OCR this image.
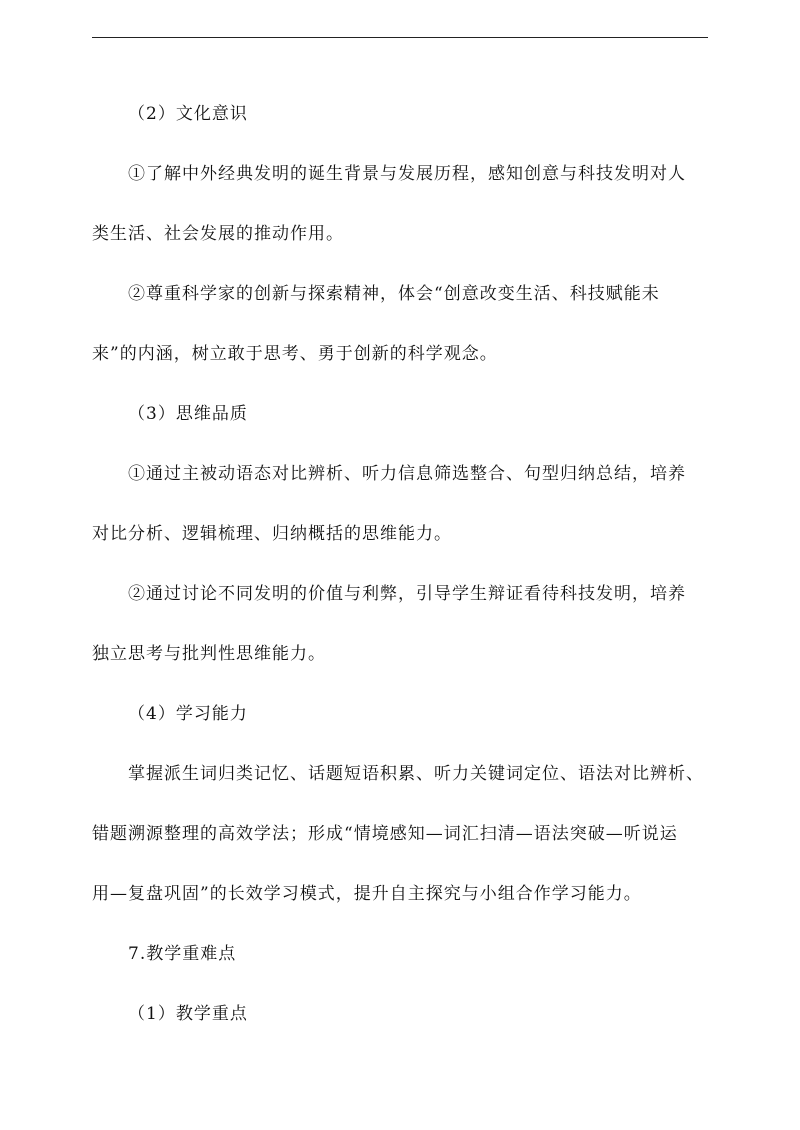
（2）文化意识
①了解中外经典发明的诞生背景与发展历程，感知创意与科技发明对人
类生活、社会发展的推动作用。
②尊重科学家的创新与探索精神，体会“创意改变生活、科技赋能未
来”的内涵，树立敢于思考、勇于创新的科学观念。
（3）思维品质
①通过主被动语态对比辨析、听力信息筛选整合、句型归纳总结，培养
对比分析、逻辑梳理、归纳概括的思维能力。
②通过讨论不同发明的价值与利弊，引导学生辩证看待科技发明，培养
独立思考与批判性思维能力。
（4）学习能力
掌握派生词归类记忆、话题短语积累、听力关键词定位、语法对比辨析、
错题溯源整理的高效学法；形成“情境感知—词汇扫清—语法突破—听说运
用—复盘巩固”的长效学习模式，提升自主探究与小组合作学习能力。
7.教学重难点
（1）教学重点
